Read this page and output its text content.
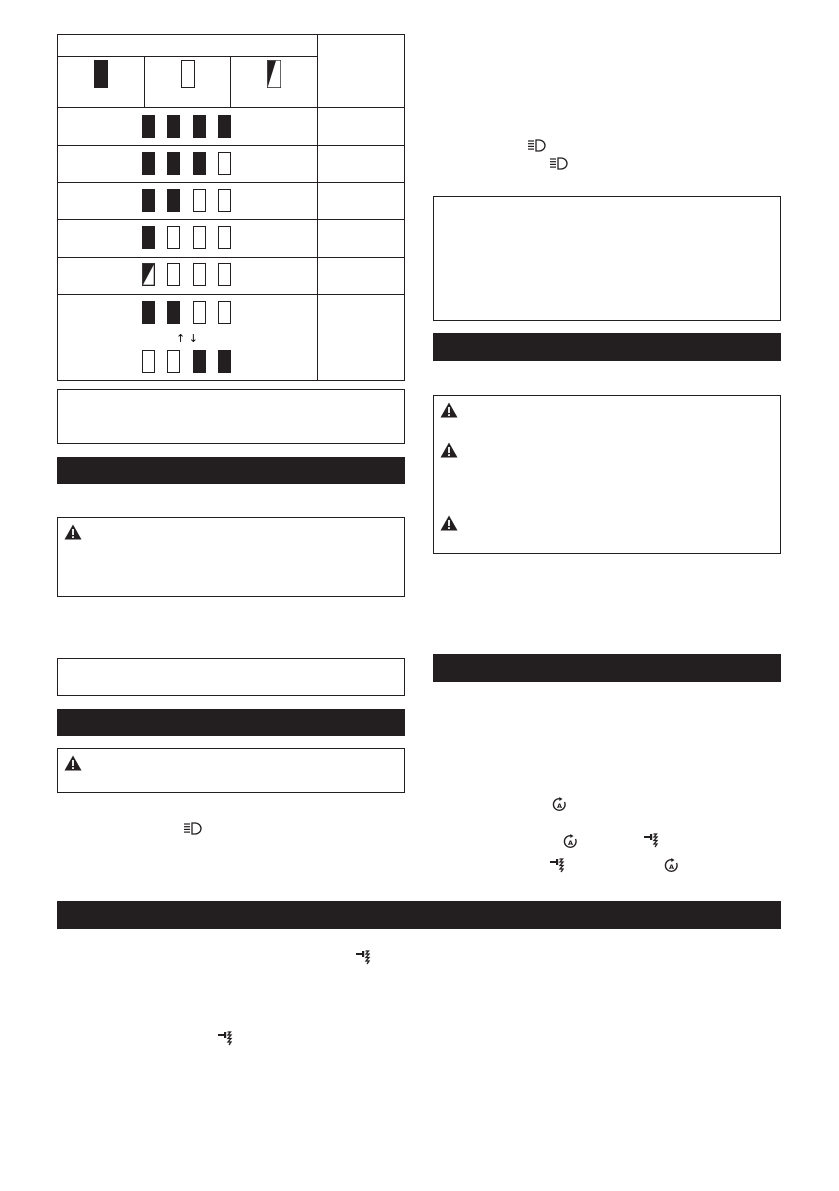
↑ ↓
A
A
A
